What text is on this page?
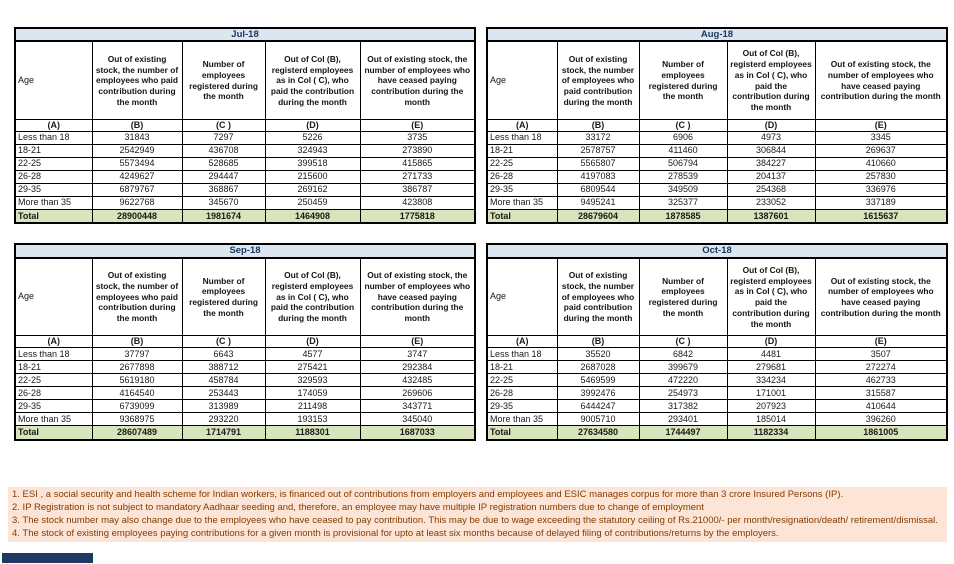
Jul-18				
Age	Out of existing stock, the number of employees who paid contribution during the month	Number of employees registered during the month	Out of Col (B), registerd employees as in Col ( C), who paid the contribution during the month	Out of existing stock, the number of employees who have ceased paying contribution during the month
(A)	(B)	(C )	(D)	(E)
Less than 18	31843	7297	5226	3735
18-21	2542949	436708	324943	273890
22-25	5573494	528685	399518	415865
26-28	4249627	294447	215600	271733
29-35	6879767	368867	269162	386787
More than 35	9622768	345670	250459	423808
Total	28900448	1981674	1464908	1775818
Aug-18				
Age	Out of existing stock, the number of employees who paid contribution during the month	Number of employees registered during the month	Out of Col (B), registerd employees as in Col ( C), who paid the contribution during the month	Out of existing stock, the number of employees who have ceased paying contribution during the month
(A)	(B)	(C )	(D)	(E)
Less than 18	33172	6906	4973	3345
18-21	2578757	411460	306844	269637
22-25	5565807	506794	384227	410660
26-28	4197083	278539	204137	257830
29-35	6809544	349509	254368	336976
More than 35	9495241	325377	233052	337189
Total	28679604	1878585	1387601	1615637
Sep-18				
Age	Out of existing stock, the number of employees who paid contribution during the month	Number of employees registered during the month	Out of Col (B), registerd employees as in Col ( C), who paid the contribution during the month	Out of existing stock, the number of employees who have ceased paying contribution during the month
(A)	(B)	(C )	(D)	(E)
Less than 18	37797	6643	4577	3747
18-21	2677898	388712	275421	292384
22-25	5619180	458784	329593	432485
26-28	4164540	253443	174059	269606
29-35	6739099	313989	211498	343771
More than 35	9368975	293220	193153	345040
Total	28607489	1714791	1188301	1687033
Oct-18				
Age	Out of existing stock, the number of employees who paid contribution during the month	Number of employees registered during the month	Out of Col (B), registerd employees as in Col ( C), who paid the contribution during the month	Out of existing stock, the number of employees who have ceased paying contribution during the month
(A)	(B)	(C )	(D)	(E)
Less than 18	35520	6842	4481	3507
18-21	2687028	399679	279681	272274
22-25	5469599	472220	334234	462733
26-28	3992476	254973	171001	315587
29-35	6444247	317382	207923	410644
More than 35	9005710	293401	185014	396260
Total	27634580	1744497	1182334	1861005
1. ESI , a social security and health scheme for Indian workers, is financed out of contributions from employers and employees and ESIC manages corpus for more than 3 crore Insured Persons (IP).
2. IP Registration is not subject to mandatory Aadhaar seeding and, therefore, an employee may have multiple IP registration numbers due to change of employment
3. The stock number may also change due to the employees who have ceased to pay contribution. This may be due to wage exceeding the statutory ceiling of Rs.21000/- per month/resignation/death/ retirement/dismissal.
4. The stock of existing employees paying contributions for a given month is provisional for upto at least six months because of delayed filing of contributions/returns by the employers.
